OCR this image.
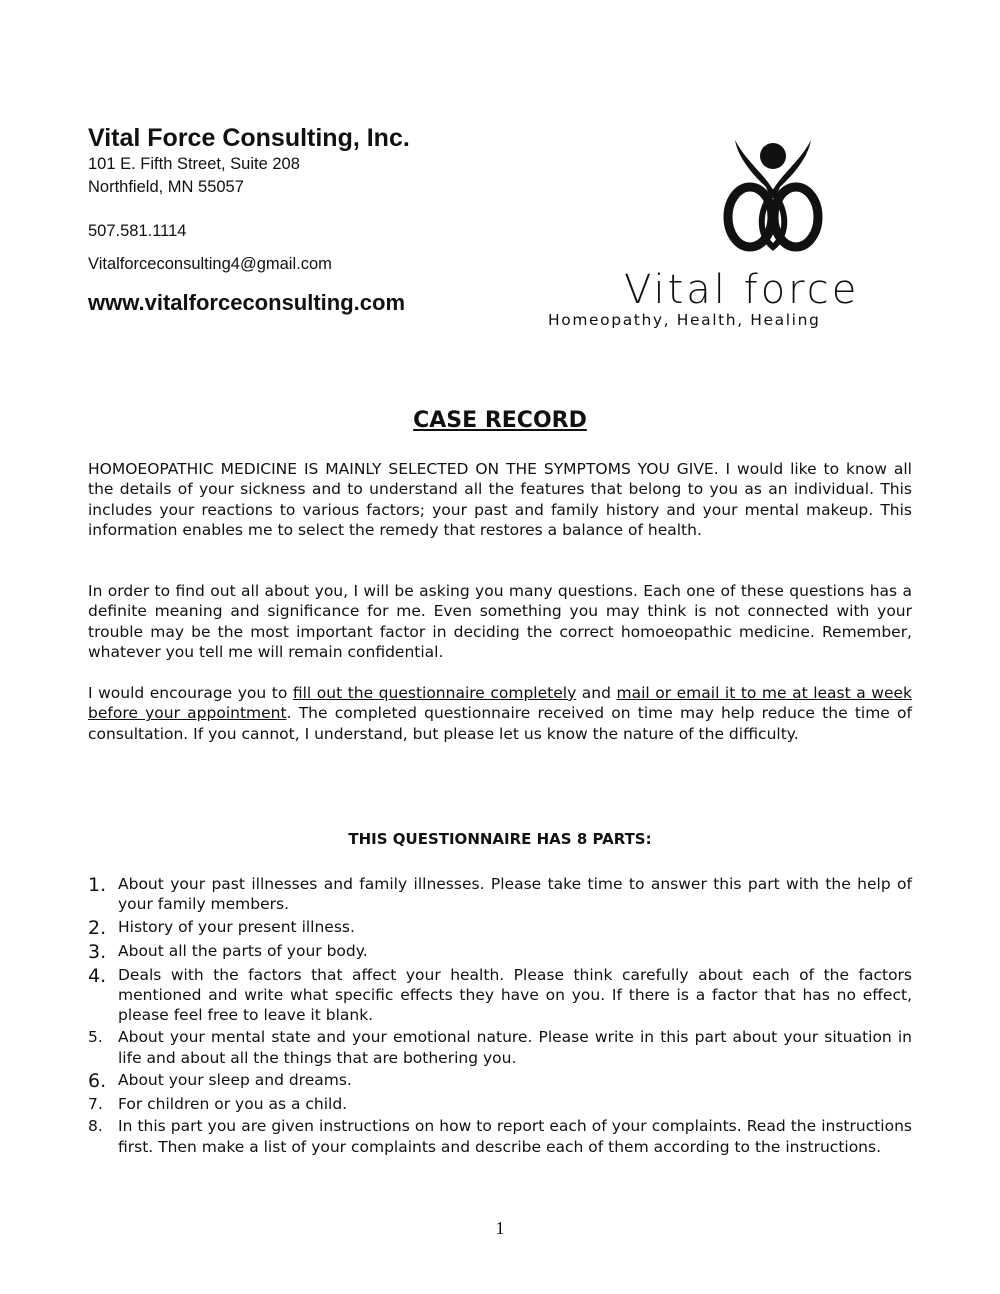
Vital Force Consulting, Inc.
101 E. Fifth Street, Suite 208
Northfield, MN 55057
507.581.1114
Vitalforceconsulting4@gmail.com
www.vitalforceconsulting.com	Vital force
Homeopathy, Health, Healing
CASE RECORD
HOMOEOPATHIC MEDICINE IS MAINLY SELECTED ON THE SYMPTOMS YOU GIVE. I would like to know all the details of your sickness and to understand all the features that belong to you as an individual. This includes your reactions to various factors; your past and family history and your mental makeup. This information enables me to select the remedy that restores a balance of health.
In order to find out all about you, I will be asking you many questions. Each one of these questions has a definite meaning and significance for me. Even something you may think is not connected with your trouble may be the most important factor in deciding the correct homoeopathic medicine. Remember, whatever you tell me will remain confidential.
I would encourage you to fill out the questionnaire completely and mail or email it to me at least a week before your appointment. The completed questionnaire received on time may help reduce the time of consultation. If you cannot, I understand, but please let us know the nature of the difficulty.
THIS QUESTIONNAIRE HAS 8 PARTS:
1. About your past illnesses and family illnesses. Please take time to answer this part with the help of your family members.
2. History of your present illness.
3. About all the parts of your body.
4. Deals with the factors that affect your health. Please think carefully about each of the factors mentioned and write what specific effects they have on you. If there is a factor that has no effect, please feel free to leave it blank.
5. About your mental state and your emotional nature. Please write in this part about your situation in life and about all the things that are bothering you.
6. About your sleep and dreams.
7. For children or you as a child.
8. In this part you are given instructions on how to report each of your complaints. Read the instructions first. Then make a list of your complaints and describe each of them according to the instructions.
1
